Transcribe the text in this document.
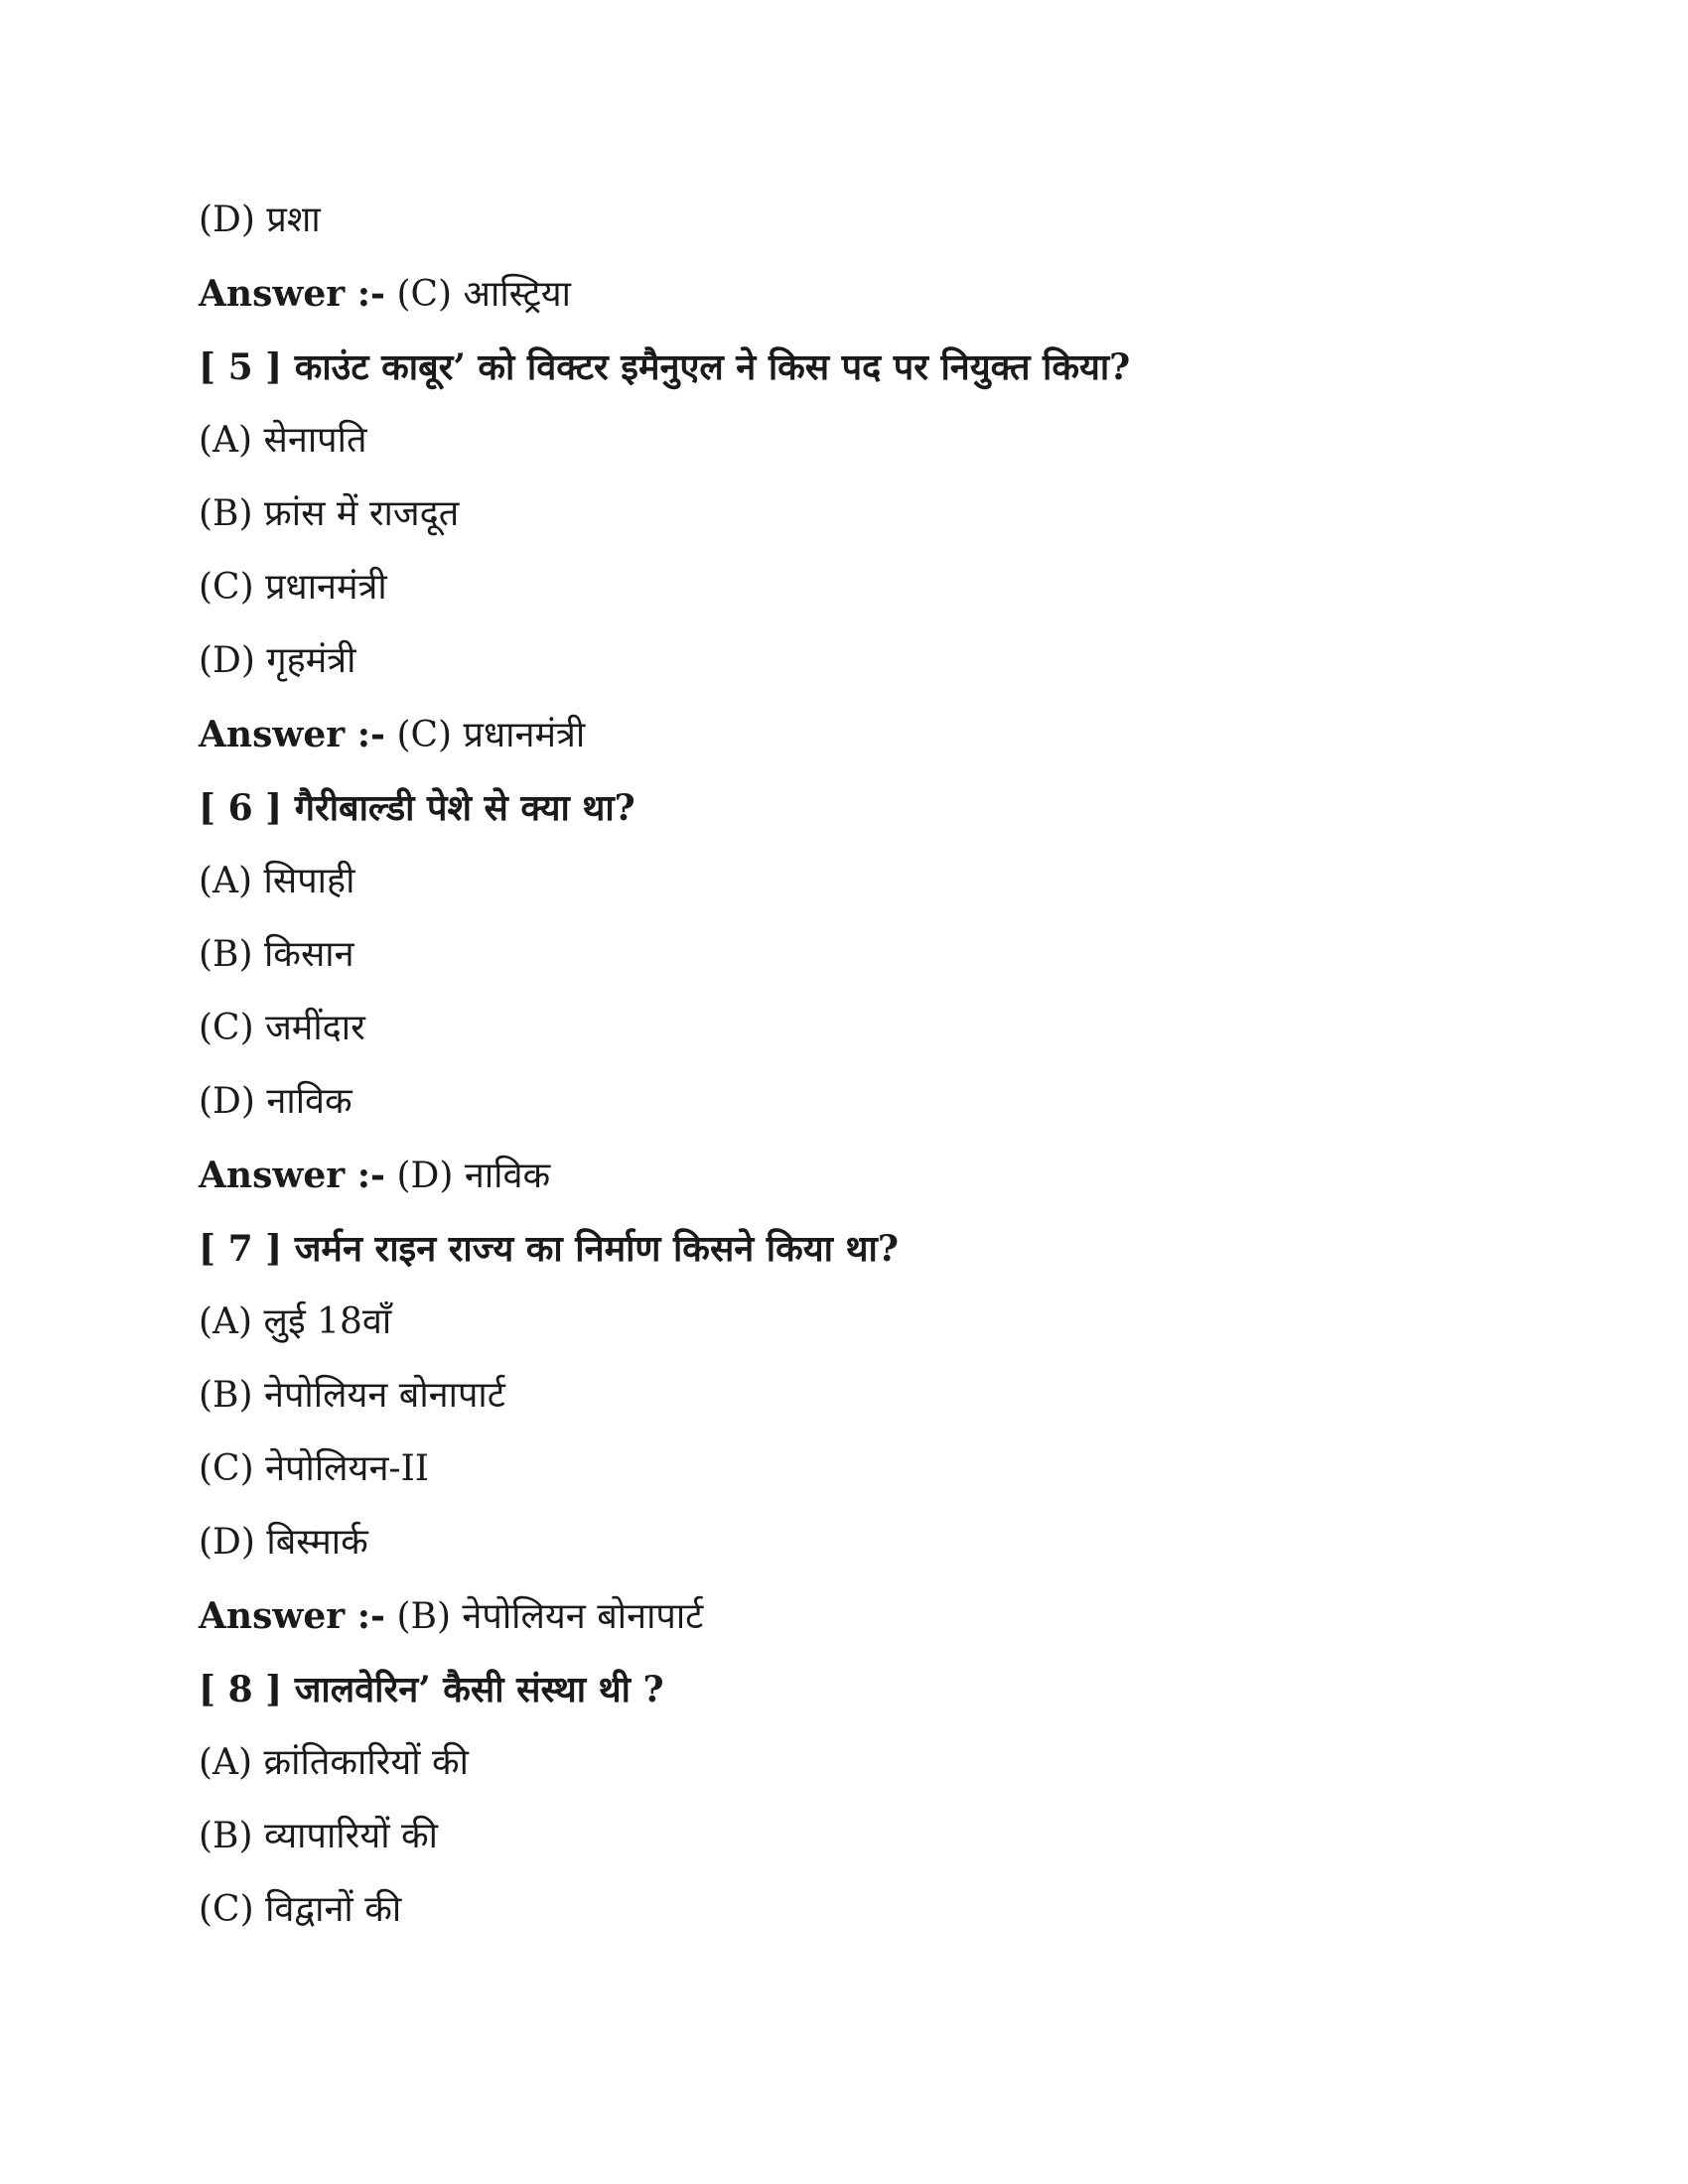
(D) प्रशा
Answer :- (C) आस्ट्रिया
[ 5 ] काउंट काबूर’ को विक्टर इमैनुएल ने किस पद पर नियुक्त किया?
(A) सेनापति
(B) फ्रांस में राजदूत
(C) प्रधानमंत्री
(D) गृहमंत्री
Answer :- (C) प्रधानमंत्री
[ 6 ] गैरीबाल्डी पेशे से क्या था?
(A) सिपाही
(B) किसान
(C) जमींदार
(D) नाविक
Answer :- (D) नाविक
[ 7 ] जर्मन राइन राज्य का निर्माण किसने किया था?
(A) लुई 18वाँ
(B) नेपोलियन बोनापार्ट
(C) नेपोलियन-II
(D) बिस्मार्क
Answer :- (B) नेपोलियन बोनापार्ट
[ 8 ] जालवेरिन’ कैसी संस्था थी ?
(A) क्रांतिकारियों की
(B) व्यापारियों की
(C) विद्वानों की
